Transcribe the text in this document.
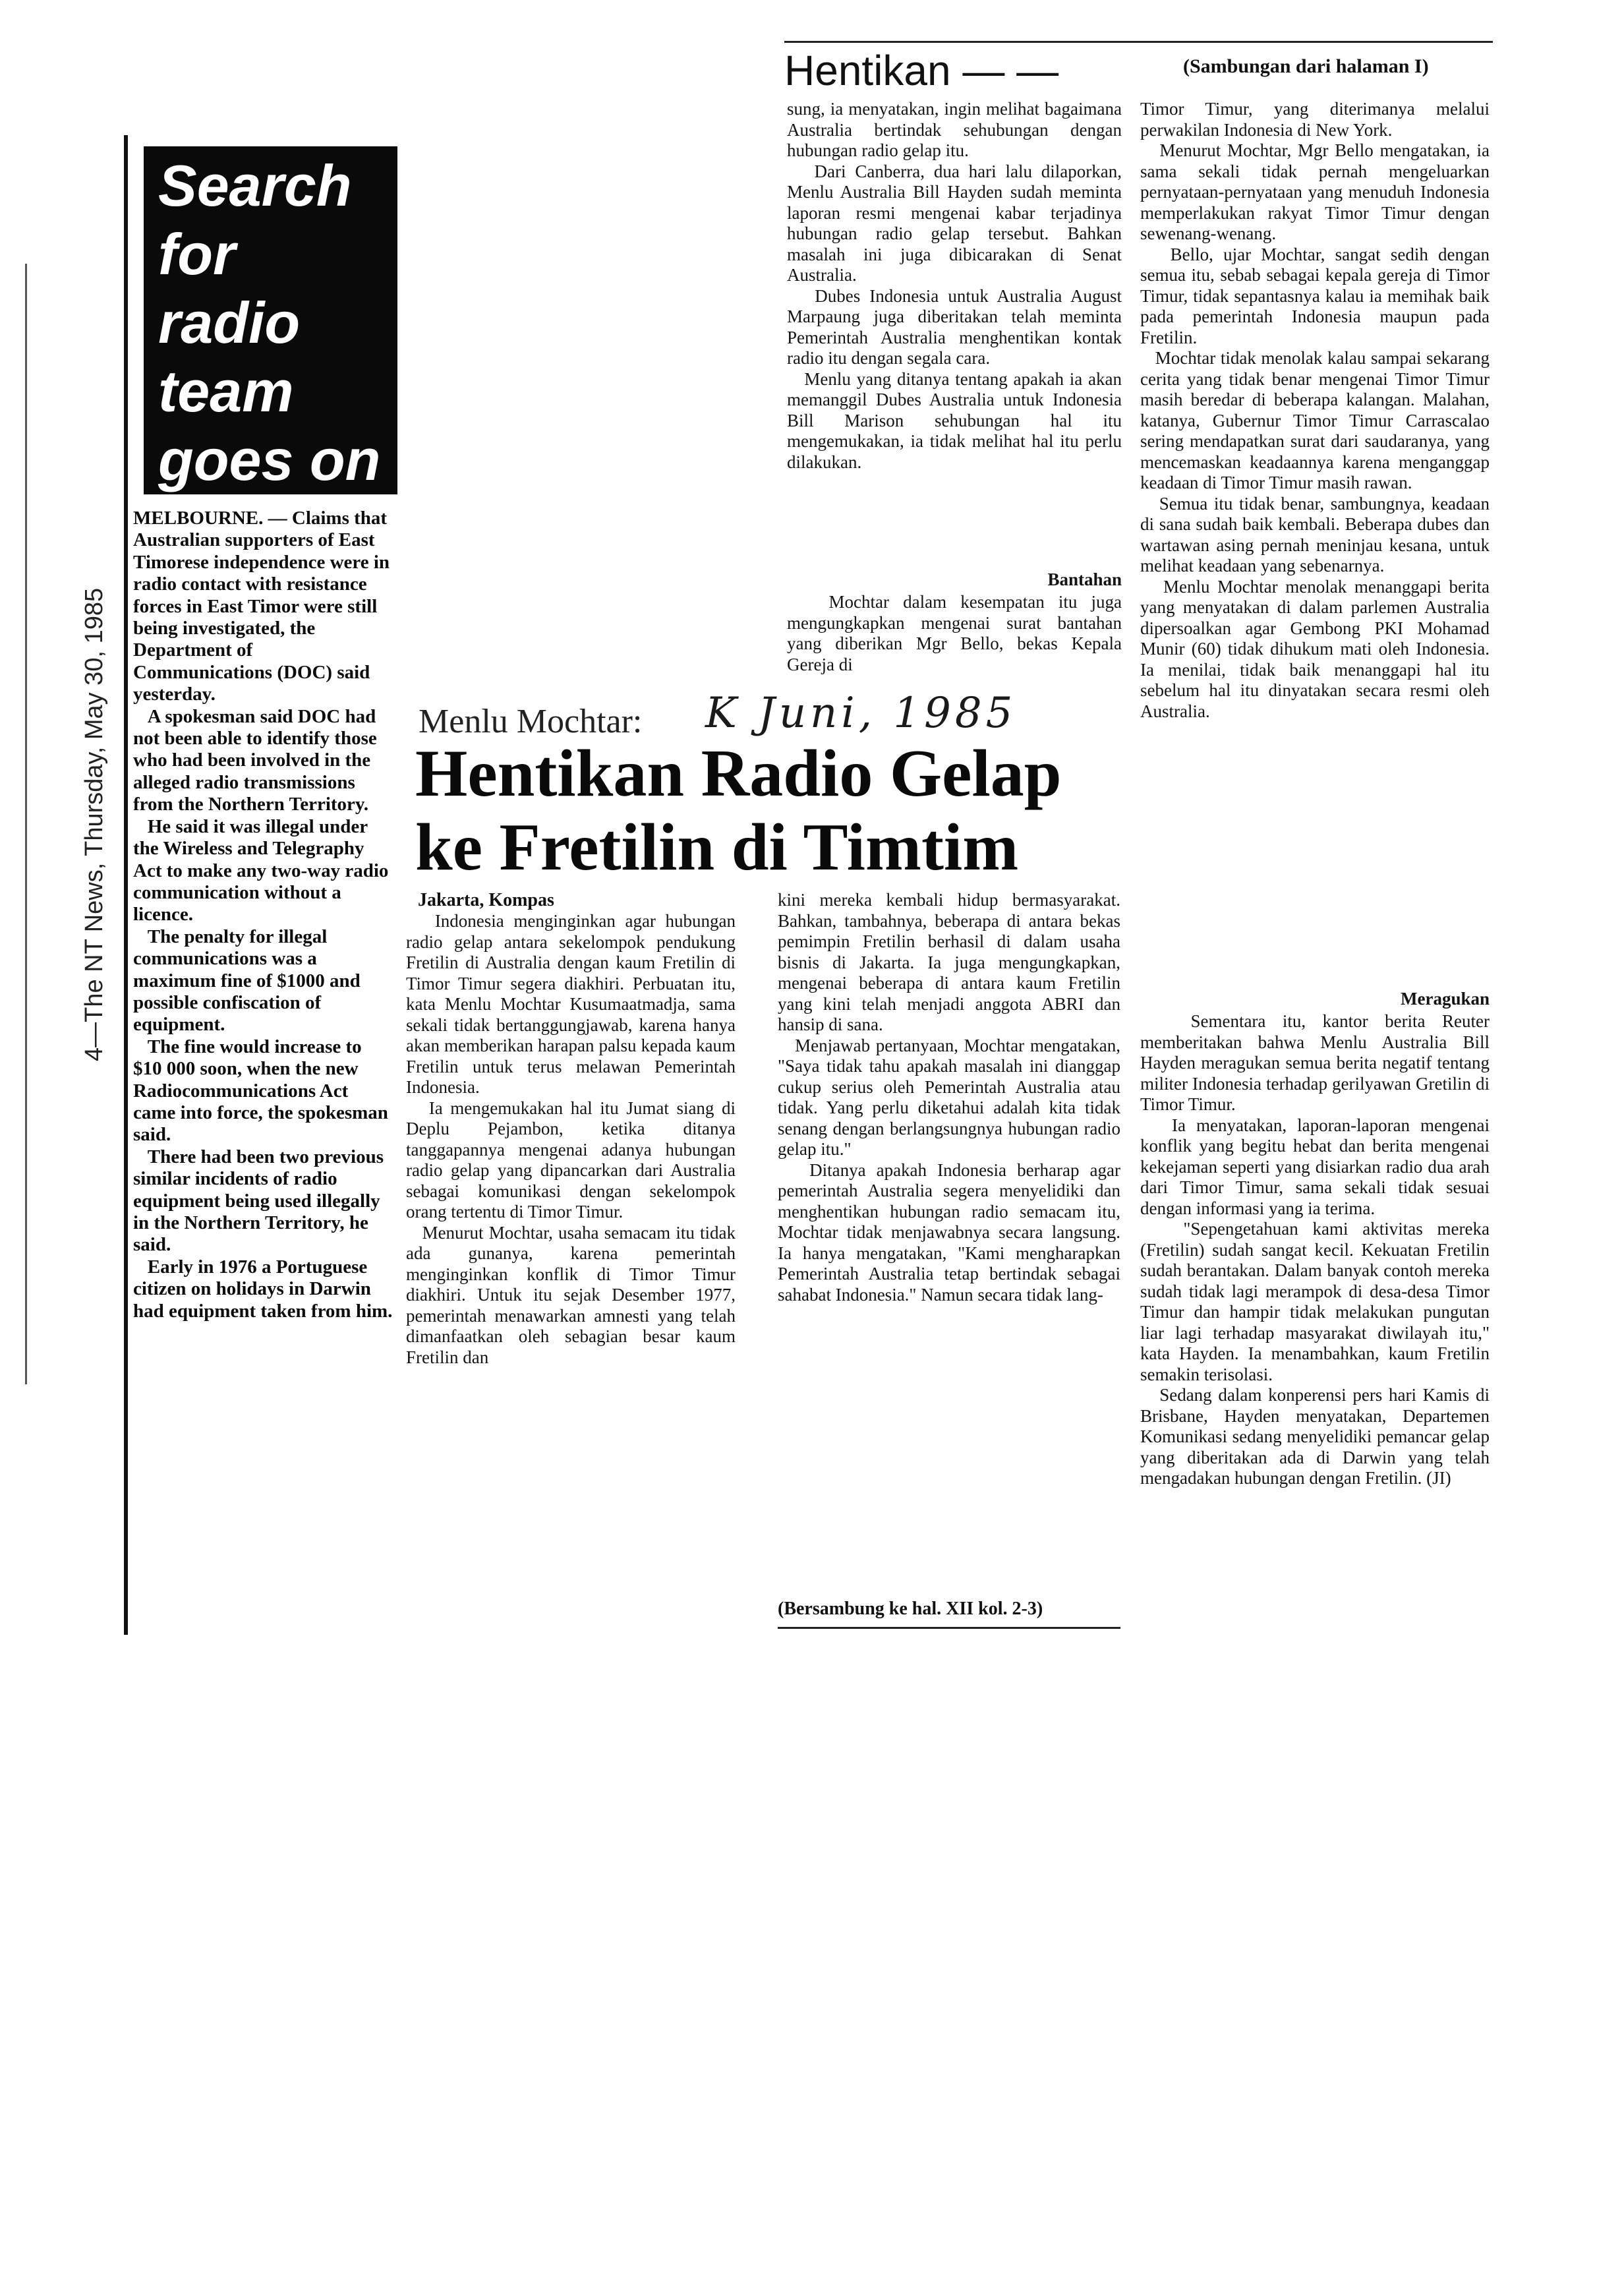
4—The NT News, Thursday, May 30, 1985
Search
for
radio
team
goes on
MELBOURNE. — Claims that Australian supporters of East Timorese independence were in radio contact with resistance forces in East Timor were still being investigated, the Department of Communications (DOC) said yesterday.
A spokesman said DOC had not been able to identify those who had been involved in the alleged radio transmissions from the Northern Territory.
He said it was illegal under the Wireless and Telegraphy Act to make any two-way radio communication without a licence.
The penalty for illegal communications was a maximum fine of $1000 and possible confiscation of equipment.
The fine would increase to $10 000 soon, when the new Radiocommunications Act came into force, the spokesman said.
There had been two previous similar incidents of radio equipment being used illegally in the Northern Territory, he said.
Early in 1976 a Portuguese citizen on holidays in Darwin had equipment taken from him.
Hentikan — —	(Sambungan dari halaman I)
sung, ia menyatakan, ingin melihat bagaimana Australia bertindak sehubungan dengan hubungan radio gelap itu.
Dari Canberra, dua hari lalu dilaporkan, Menlu Australia Bill Hayden sudah meminta laporan resmi mengenai kabar terjadinya hubungan radio gelap tersebut. Bahkan masalah ini juga dibicarakan di Senat Australia.
Dubes Indonesia untuk Australia August Marpaung juga diberitakan telah meminta Pemerintah Australia menghentikan kontak radio itu dengan segala cara.
Menlu yang ditanya tentang apakah ia akan memanggil Dubes Australia untuk Indonesia Bill Marison sehubungan hal itu mengemukakan, ia tidak melihat hal itu perlu dilakukan.
Bantahan
Mochtar dalam kesempatan itu juga mengungkapkan mengenai surat bantahan yang diberikan Mgr Bello, bekas Kepala Gereja di
Timor Timur, yang diterimanya melalui perwakilan Indonesia di New York.
Menurut Mochtar, Mgr Bello mengatakan, ia sama sekali tidak pernah mengeluarkan pernyataan-pernyataan yang menuduh Indonesia memperlakukan rakyat Timor Timur dengan sewenang-wenang.
Bello, ujar Mochtar, sangat sedih dengan semua itu, sebab sebagai kepala gereja di Timor Timur, tidak sepantasnya kalau ia memihak baik pada pemerintah Indonesia maupun pada Fretilin.
Mochtar tidak menolak kalau sampai sekarang cerita yang tidak benar mengenai Timor Timur masih beredar di beberapa kalangan. Malahan, katanya, Gubernur Timor Timur Carrascalao sering mendapatkan surat dari saudaranya, yang mencemaskan keadaannya karena menganggap keadaan di Timor Timur masih rawan.
Semua itu tidak benar, sambungnya, keadaan di sana sudah baik kembali. Beberapa dubes dan wartawan asing pernah meninjau kesana, untuk melihat keadaan yang sebenarnya.
Menlu Mochtar menolak menanggapi berita yang menyatakan di dalam parlemen Australia dipersoalkan agar Gembong PKI Mohamad Munir (60) tidak dihukum mati oleh Indonesia. Ia menilai, tidak baik menanggapi hal itu sebelum hal itu dinyatakan secara resmi oleh Australia.
Meragukan
Sementara itu, kantor berita Reuter memberitakan bahwa Menlu Australia Bill Hayden meragukan semua berita negatif tentang militer Indonesia terhadap gerilyawan Gretilin di Timor Timur.
Ia menyatakan, laporan-laporan mengenai konflik yang begitu hebat dan berita mengenai kekejaman seperti yang disiarkan radio dua arah dari Timor Timur, sama sekali tidak sesuai dengan informasi yang ia terima.
"Sepengetahuan kami aktivitas mereka (Fretilin) sudah sangat kecil. Kekuatan Fretilin sudah berantakan. Dalam banyak contoh mereka sudah tidak lagi merampok di desa-desa Timor Timur dan hampir tidak melakukan pungutan liar lagi terhadap masyarakat diwilayah itu," kata Hayden. Ia menambahkan, kaum Fretilin semakin terisolasi.
Sedang dalam konperensi pers hari Kamis di Brisbane, Hayden menyatakan, Departemen Komunikasi sedang menyelidiki pemancar gelap yang diberitakan ada di Darwin yang telah mengadakan hubungan dengan Fretilin. (JI)
Menlu Mochtar: K Juni, 1985
Hentikan Radio Gelap
ke Fretilin di Timtim
Jakarta, Kompas
Indonesia menginginkan agar hubungan radio gelap antara sekelompok pendukung Fretilin di Australia dengan kaum Fretilin di Timor Timur segera diakhiri. Perbuatan itu, kata Menlu Mochtar Kusumaatmadja, sama sekali tidak bertanggungjawab, karena hanya akan memberikan harapan palsu kepada kaum Fretilin untuk terus melawan Pemerintah Indonesia.
Ia mengemukakan hal itu Jumat siang di Deplu Pejambon, ketika ditanya tanggapannya mengenai adanya hubungan radio gelap yang dipancarkan dari Australia sebagai komunikasi dengan sekelompok orang tertentu di Timor Timur.
Menurut Mochtar, usaha semacam itu tidak ada gunanya, karena pemerintah menginginkan konflik di Timor Timur diakhiri. Untuk itu sejak Desember 1977, pemerintah menawarkan amnesti yang telah dimanfaatkan oleh sebagian besar kaum Fretilin dan
kini mereka kembali hidup bermasyarakat. Bahkan, tambahnya, beberapa di antara bekas pemimpin Fretilin berhasil di dalam usaha bisnis di Jakarta. Ia juga mengungkapkan, mengenai beberapa di antara kaum Fretilin yang kini telah menjadi anggota ABRI dan hansip di sana.
Menjawab pertanyaan, Mochtar mengatakan, "Saya tidak tahu apakah masalah ini dianggap cukup serius oleh Pemerintah Australia atau tidak. Yang perlu diketahui adalah kita tidak senang dengan berlangsungnya hubungan radio gelap itu."
Ditanya apakah Indonesia berharap agar pemerintah Australia segera menyelidiki dan menghentikan hubungan radio semacam itu, Mochtar tidak menjawabnya secara langsung. Ia hanya mengatakan, "Kami mengharapkan Pemerintah Australia tetap bertindak sebagai sahabat Indonesia." Namun secara tidak lang-
(Bersambung ke hal. XII kol. 2-3)
